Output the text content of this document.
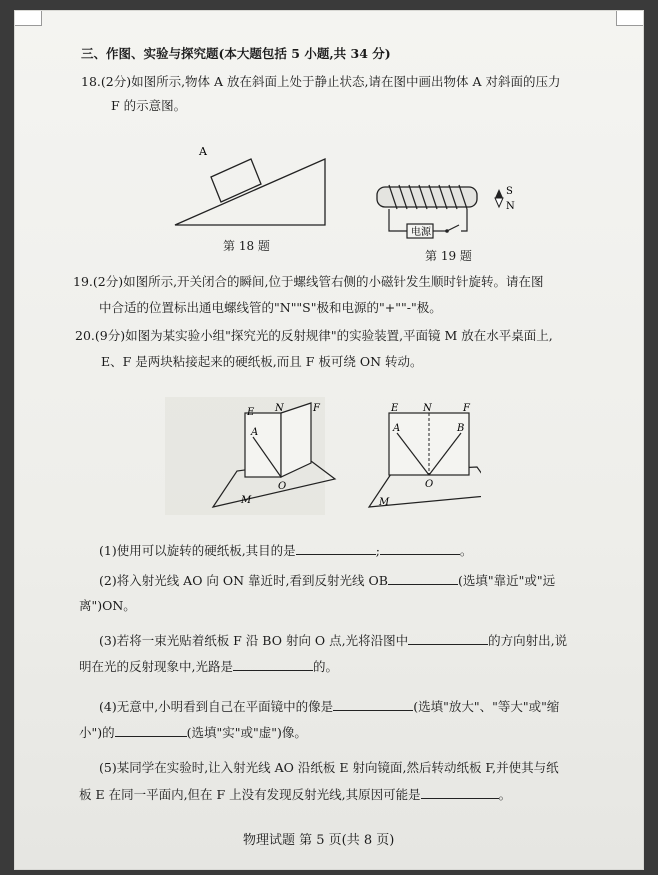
三、作图、实验与探究题(本大题包括 5 小题,共 34 分)
18.(2分)如图所示,物体 A 放在斜面上处于静止状态,请在图中画出物体 A 对斜面的压力
F 的示意图。
A
第 18 题
电源
S
N
第 19 题
19.(2分)如图所示,开关闭合的瞬间,位于螺线管右侧的小磁针发生顺时针旋转。请在图
中合适的位置标出通电螺线管的"N""S"极和电源的"+""-"极。
20.(9分)如图为某实验小组"探究光的反射规律"的实验装置,平面镜 M 放在水平桌面上,
E、F 是两块粘接起来的硬纸板,而且 F 板可绕 ON 转动。
E N	F
A
O
M
E N	F
A	B
O
M
(1)使用可以旋转的硬纸板,其目的是	;	。
(2)将入射光线 AO 向 ON 靠近时,看到反射光线 OB	(选填"靠近"或"远
离")ON。
(3)若将一束光贴着纸板 F 沿 BO 射向 O 点,光将沿图中	的方向射出,说
明在光的反射现象中,光路是	的。
(4)无意中,小明看到自己在平面镜中的像是	(选填"放大"、"等大"或"缩
小")的	(选填"实"或"虚")像。
(5)某同学在实验时,让入射光线 AO 沿纸板 E 射向镜面,然后转动纸板 F,并使其与纸
板 E 在同一平面内,但在 F 上没有发现反射光线,其原因可能是	。
物理试题 第 5 页(共 8 页)
